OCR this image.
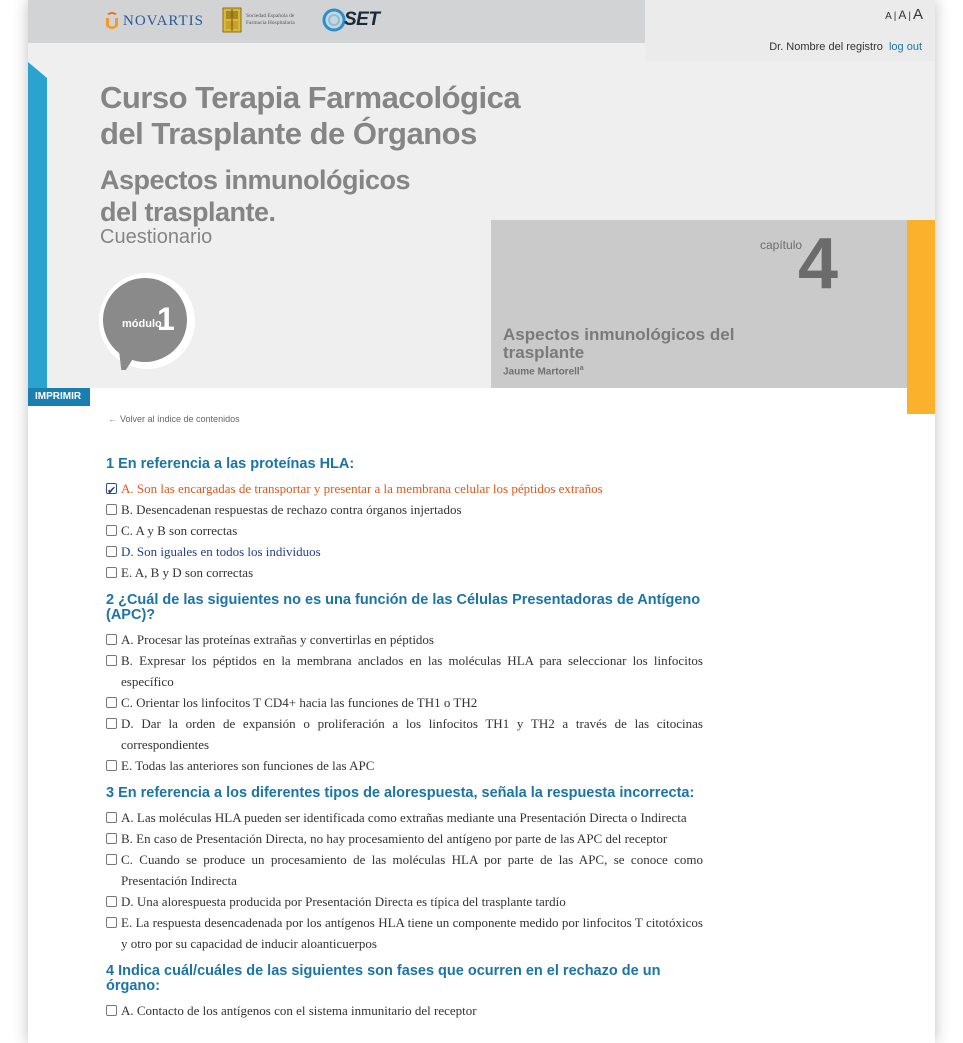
NOVARTIS	Sociedad Española de Farmacia Hospitalaria	SET	A | A | A
Dr. Nombre del registro log out
Curso Terapia Farmacológica del Trasplante de Órganos
Aspectos inmunológicos del trasplante.
Cuestionario
módulo
1
capítulo
4
Aspectos inmunológicos del trasplante
Jaume Martorell$^a$
IMPRIMIR
← Volver al índice de contenidos
1 En referencia a las proteínas HLA:
✔
A. Son las encargadas de transportar y presentar a la membrana celular los péptidos extraños
B. Desencadenan respuestas de rechazo contra órganos injertados
C. A y B son correctas
D. Son iguales en todos los individuos
E. A, B y D son correctas
2 ¿Cuál de las siguientes no es una función de las Células Presentadoras de Antígeno (APC)?
A. Procesar las proteínas extrañas y convertirlas en péptidos
B. Expresar los péptidos en la membrana anclados en las moléculas HLA para seleccionar los linfocitos específico
C. Orientar los linfocitos T CD4+ hacia las funciones de TH1 o TH2
D. Dar la orden de expansión o proliferación a los linfocitos TH1 y TH2 a través de las citocinas correspondientes
E. Todas las anteriores son funciones de las APC
3 En referencia a los diferentes tipos de alorespuesta, señala la respuesta incorrecta:
A. Las moléculas HLA pueden ser identificada como extrañas mediante una Presentación Directa o Indirecta
B. En caso de Presentación Directa, no hay procesamiento del antígeno por parte de las APC del receptor
C. Cuando se produce un procesamiento de las moléculas HLA por parte de las APC, se conoce como Presentación Indirecta
D. Una alorespuesta producida por Presentación Directa es típica del trasplante tardío
E. La respuesta desencadenada por los antígenos HLA tiene un componente medido por linfocitos T citotóxicos y otro por su capacidad de inducir aloanticuerpos
4 Indica cuál/cuáles de las siguientes son fases que ocurren en el rechazo de un órgano:
A. Contacto de los antígenos con el sistema inmunitario del receptor
